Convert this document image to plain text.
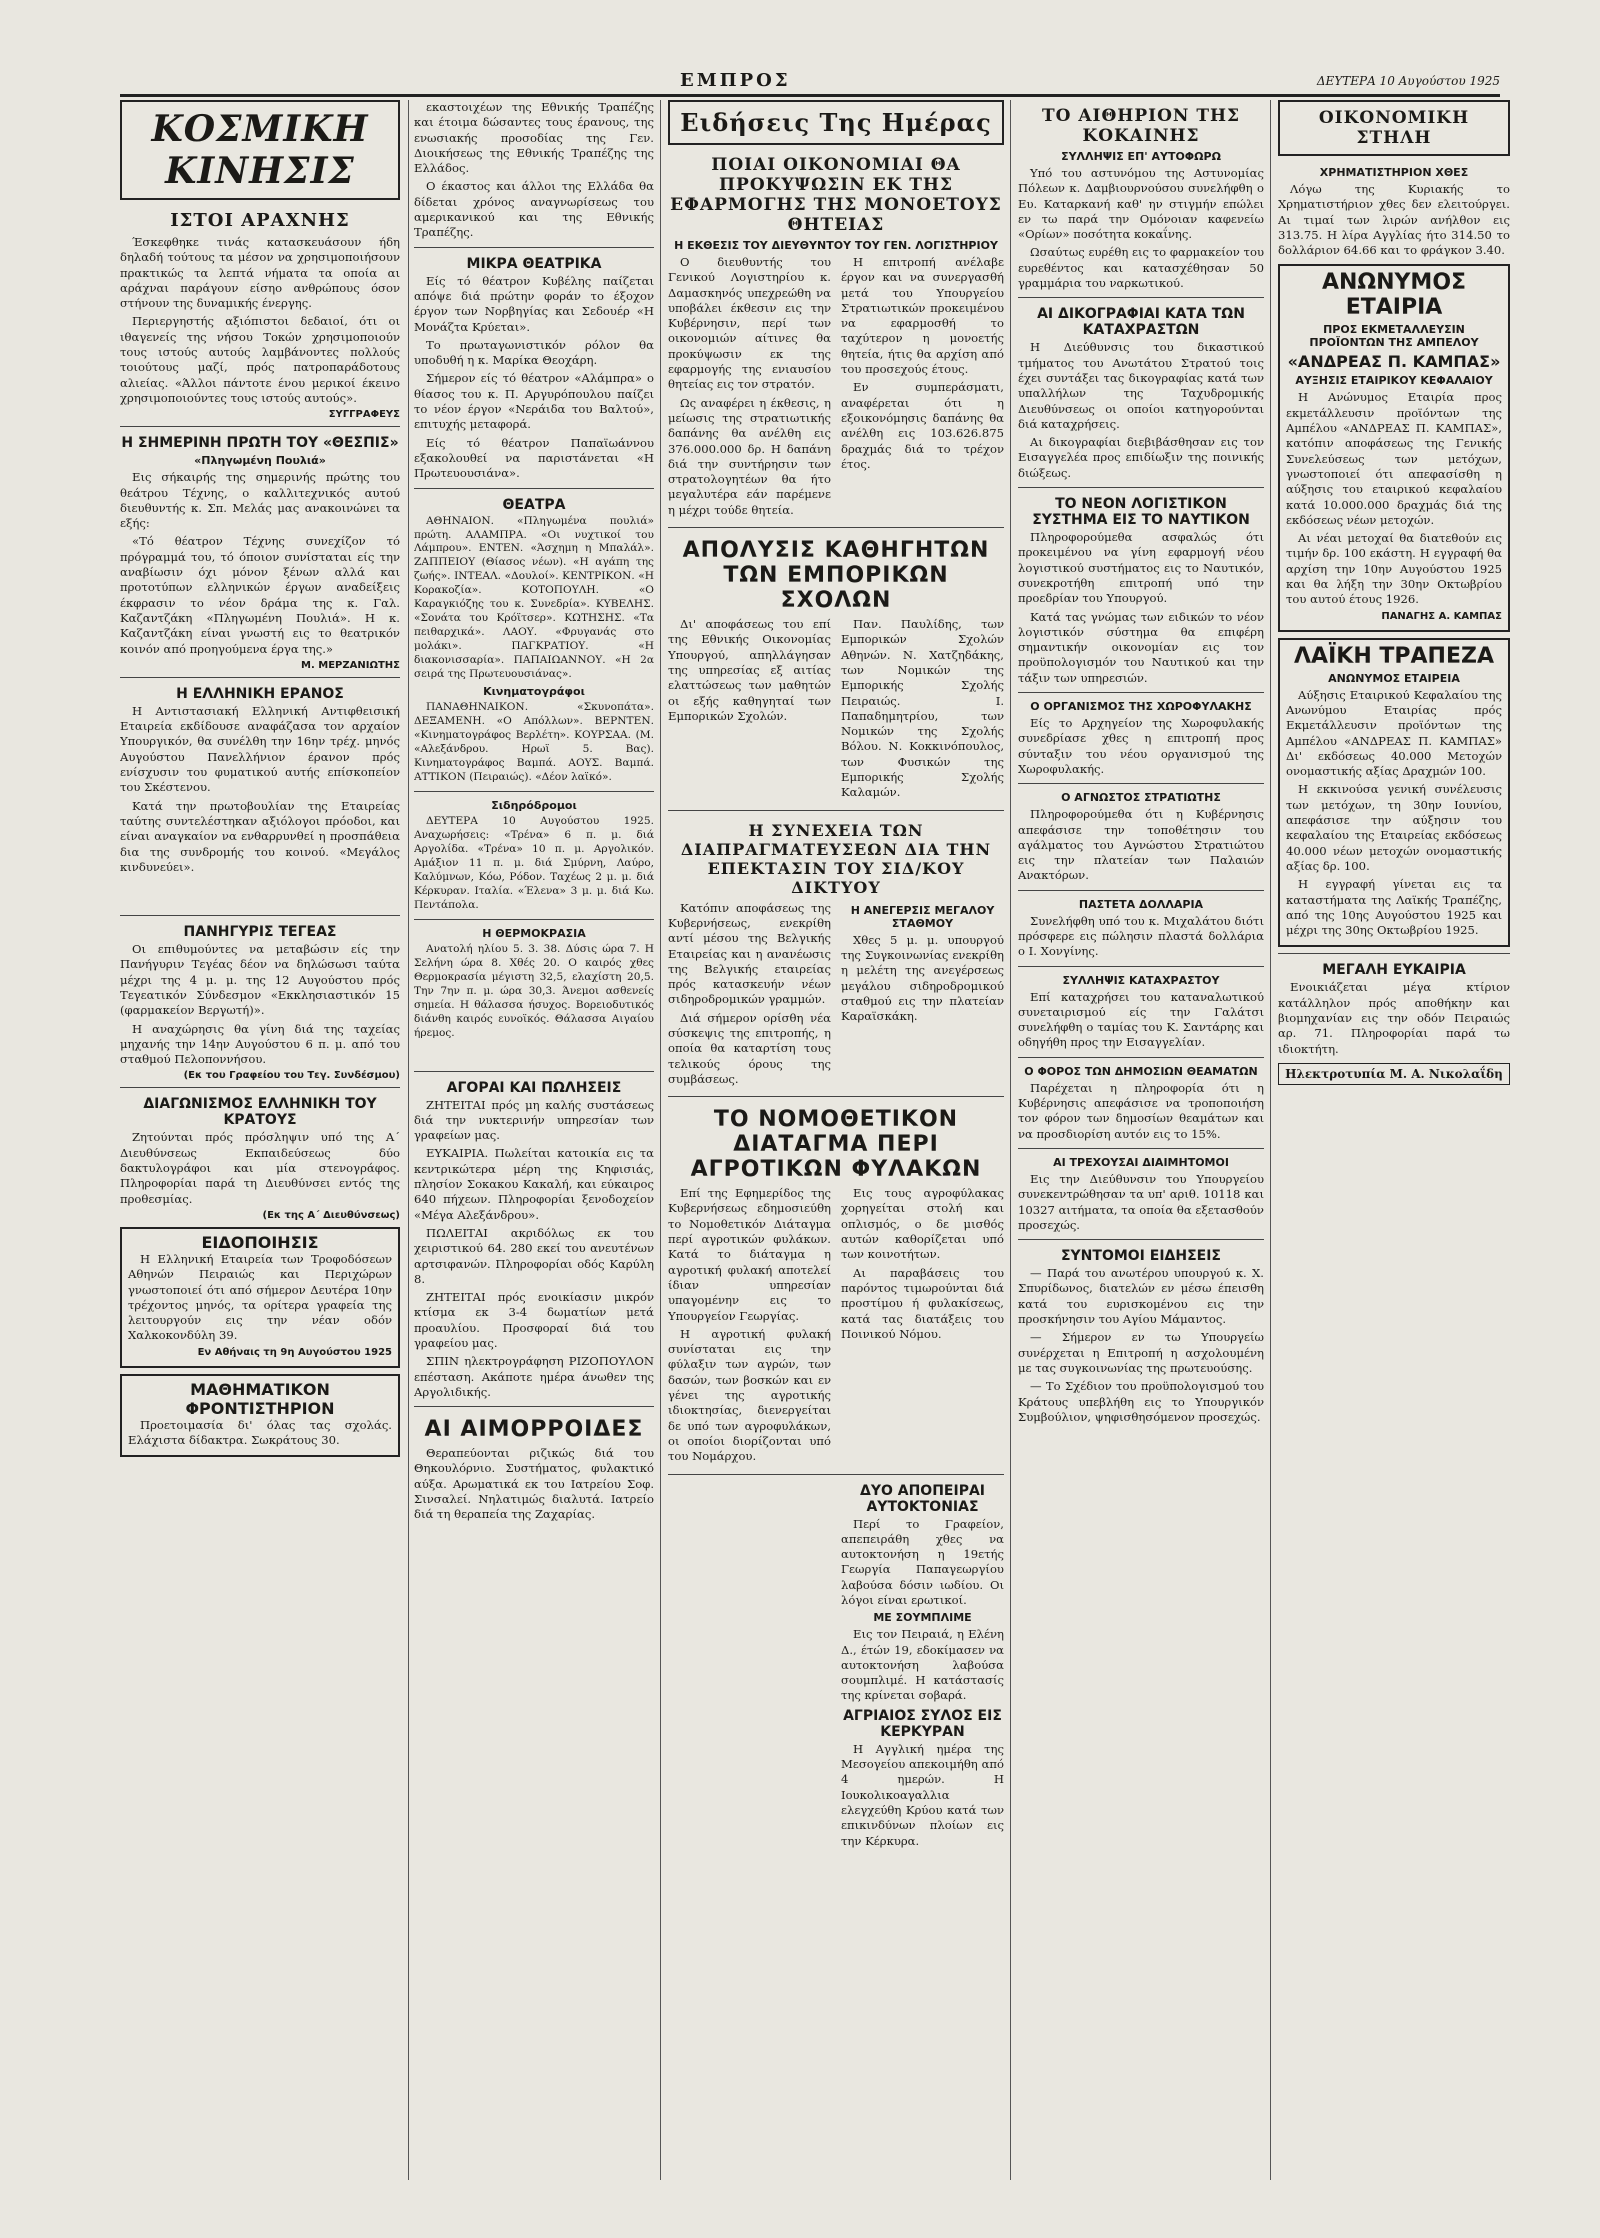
ΕΜΠΡΟΣ	ΔΕΥΤΕΡΑ 10 Αυγούστου 1925
ΚΟΣΜΙΚΗ ΚΙΝΗΣΙΣ
ΙΣΤΟΙ ΑΡΑΧΝΗΣ

Έσκεφθηκε τινάς κατασκευάσουν ήδη δηλαδή τούτους τα μέσον να χρησιμοποιήσουν πρακτικώς τα λεπτά νήματα τα οποία αι αράχναι παράγουν είσηο ανθρώπους όσον στήνουν της δυναμικής ένεργης.

Περιεργηστής αξιόπιστοι δεδαιοί, ότι οι ιθαγενείς της νήσου Τοκών χρησιμοποιούν τους ιστούς αυτούς λαμβάνοντες πολλούς τοιούτους μαζί, πρός πατροπαράδοτους αλιείας. «Άλλοι πάντοτε ένου μερικοί έκεινο χρησιμοποιούντες τους ιστούς αυτούς».

ΣΥΓΓΡΑΦΕΥΣ
Η ΣΗΜΕΡΙΝΗ ΠΡΩΤΗ ΤΟΥ «ΘΕΣΠΙΣ»
«Πληγωμένη Πουλιά»

Εις σήκαιρής της σημερινής πρώτης του θεάτρου Τέχνης, ο καλλιτεχνικός αυτού διευθυντής κ. Σπ. Μελάς μας ανακοινώνει τα εξής:

«Τό θέατρον Τέχνης συνεχίζον τό πρόγραμμά του, τό όποιον συνίσταται είς την αναβίωσιν όχι μόνον ξένων αλλά και προτοτύπων ελληνικών έργων αναδείξεις έκφρασιν το νέον δράμα της κ. Γαλ. Καζαντζάκη «Πληγωμένη Πουλιά». Η κ. Καζαντζάκη είναι γνωστή εις το θεατρικόν κοινόν από προηγούμενα έργα της.»

Μ. ΜΕΡΖΑΝΙΩΤΗΣ
Η ΕΛΛΗΝΙΚΗ ΕΡΑΝΟΣ

Η Αντιστασιακή Ελληνική Αντιφθεισική Εταιρεία εκδίδουσε αναφάζασα τον αρχαίον Υπουργικόν, θα συνέλθη την 16ην τρέχ. μηνός Αυγούστου Πανελλήνιον έρανον πρός ενίσχυσιν του φυματικού αυτής επίσκοπείον του Σκέστενου.

Κατά την πρωτοβουλίαν της Εταιρείας ταύτης συντελέστηκαν αξιόλογοι πρόοδοι, και είναι αναγκαίον να ενθαρρυνθεί η προσπάθεια δια της συνδρομής του κοινού. «Μεγάλος κινδυνεύει».

ΠΑΝΗΓΥΡΙΣ ΤΕΓΕΑΣ

Οι επιθυμούντες να μεταβώσιν είς την Πανήγυριν Τεγέας δέον να δηλώσωσι ταύτα μέχρι της 4 μ. μ. της 12 Αυγούστου πρός Τεγεατικόν Σύνδεσμον «Εκκλησιαστικόν 15 (φαρμακείον Βεργωτή)».

Η αναχώρησις θα γίνη διά της ταχείας μηχανής την 14ην Αυγούστου 6 π. μ. από του σταθμού Πελοποννήσου.

(Εκ του Γραφείου του Τεγ. Συνδέσμου)
ΔΙΑΓΩΝΙΣΜΟΣ ΕΛΛΗΝΙΚΗ ΤΟΥ ΚΡΑΤΟΥΣ

Ζητούνται πρός πρόσληψιν υπό της Α΄ Διευθύνσεως Εκπαιδεύσεως δύο δακτυλογράφοι και μία στενογράφος. Πληροφορίαι παρά τη Διευθύνσει εντός της προθεσμίας.

(Εκ της Α΄ Διευθύνσεως)
ΕΙΔΟΠΟΙΗΣΙΣ

Η Ελληνική Εταιρεία των Τροφοδόσεων Αθηνών Πειραιώς και Περιχώρων γνωστοποιεί ότι από σήμερον Δευτέρα 10ην τρέχοντος μηνός, τα ορίτερα γραφεία της λειτουργούν εις την νέαν οδόν Χαλκοκονδύλη 39.

Εν Αθήναις τη 9η Αυγούστου 1925
ΜΑΘΗΜΑΤΙΚΟΝ ΦΡΟΝΤΙΣΤΗΡΙΟΝ

Προετοιμασία δι' όλας τας σχολάς. Ελάχιστα δίδακτρα. Σωκράτους 30.

εκαστοιχέων της Εθνικής Τραπέζης και έτοιμα δώσαντες τους έρανους, της ενωσιακής προσοδίας της Γεν. Διοικήσεως της Εθνικής Τραπέζης της Ελλάδος.

Ο έκαστος και άλλοι της Ελλάδα θα δίδεται χρόνος αναγνωρίσεως του αμερικανικού και της Εθνικής Τραπέζης.

ΜΙΚΡΑ ΘΕΑΤΡΙΚΑ

Είς τό θέατρον Κυβέλης παίζεται απόψε διά πρώτην φοράν το έξοχον έργον των Νορβηγίας και Σεδουέρ «Η Μονάζτα Κρύεται».

Το πρωταγωνιστικόν ρόλον θα υποδυθή η κ. Μαρίκα Θεοχάρη.

Σήμερον είς τό θέατρον «Αλάμπρα» ο θίασος του κ. Π. Αργυρόπουλου παίζει το νέον έργον «Νεράιδα του Βαλτού», επιτυχής μεταφορά.

Είς τό θέατρον Παπαϊωάννου εξακολουθεί να παριστάνεται «Η Πρωτευουσιάνα».

ΘΕΑΤΡΑ

ΑΘΗΝΑΙΟΝ. «Πληγωμένα πουλιά» πρώτη. ΑΛΑΜΠΡΑ. «Οι νυχτικοί του Λάμπρου». ΕΝΤΕΝ. «Άσχημη η Μπαλάλ». ΖΑΠΠΕΙΟΥ (Θίασος νέων). «Η αγάπη της ζωής». ΙΝΤΕΑΛ. «Δουλοί». ΚΕΝΤΡΙΚΟΝ. «Η Κορακοζία». ΚΟΤΟΠΟΥΛΗ. «Ο Καραγκιόζης του κ. Συνεδρία». ΚΥΒΕΛΗΣ. «Σονάτα του Κρόϊτσερ». ΚΩΤΗΣΗΣ. «Τα πειθαρχικά». ΛΑΟΥ. «Φρυγανάς στο μολάκι». ΠΑΓΚΡΑΤΙΟΥ. «Η διακονισσαρία». ΠΑΠΑΙΩΑΝΝΟΥ. «Η 2α σειρά της Πρωτευουσιάνας».

Κινηματογράφοι

ΠΑΝΑΘΗΝΑΙΚΟΝ. «Σκυνοπάτα». ΔΕΞΑΜΕΝΗ. «Ο Απόλλων». ΒΕΡΝΤΕΝ. «Κινηματογράφος Βερλέτη». ΚΟΥΡΣΑΑ. (Μ. «Αλεξάνδρου. Ηρωϊ 5. Βας). Κινηματογράφος Βαμπά. ΑΟΥΣ. Βαμπά. ΑΤΤΙΚΟΝ (Πειραιώς). «Δέον λαϊκό».

Σιδηρόδρομοι

ΔΕΥΤΕΡΑ 10 Αυγούστου 1925. Αναχωρήσεις: «Τρένα» 6 π. μ. διά Αργολίδα. «Τρένα» 10 π. μ. Αργολικόν. Αμάξιον 11 π. μ. διά Σμύρνη, Λαύρο, Καλύμνων, Κόω, Ρόδον. Ταχέως 2 μ. μ. διά Κέρκυραν. Ιταλία. «Έλενα» 3 μ. μ. διά Κω. Πεντάπολα.

Η ΘΕΡΜΟΚΡΑΣΙΑ

Ανατολή ηλίου 5. 3. 38. Δύσις ώρα 7. Η Σελήνη ώρα 8. Χθές 20. Ο καιρός χθες Θερμοκρασία μέγιστη 32,5, ελαχίστη 20,5. Την 7ην π. μ. ώρα 30,3. Άνεμοι ασθενείς σημεία. Η θάλασσα ήσυχος. Βορειοδυτικός διάνθη καιρός ευνοϊκός. Θάλασσα Αιγαίου ήρεμος.

ΑΓΟΡΑΙ ΚΑΙ ΠΩΛΗΣΕΙΣ

ΖΗΤΕΙΤΑΙ πρός μη καλής συστάσεως διά την νυκτερινήν υπηρεσίαν των γραφείων μας.

ΕΥΚΑΙΡΙΑ. Πωλείται κατοικία εις τα κεντρικώτερα μέρη της Κηφισιάς, πλησίον Σοκακου Κακαλή, και εύκαιρος 640 πήχεων. Πληροφορίαι ξενοδοχείον «Μέγα Αλεξάνδρου».

ΠΩΛΕΙΤΑΙ ακριδόλως εκ του χειριστικού 64. 280 εκεί του ανευτένων αρτσιφανών. Πληροφορίαι οδός Καρύλη 8.

ΖΗΤΕΙΤΑΙ πρός ενοικίασιν μικρόν κτίσμα εκ 3-4 δωματίων μετά προαυλίου. Προσφοραί διά του γραφείου μας.

ΣΠΙΝ ηλεκτρογράφηση ΡΙΖΟΠΟΥΛΟΝ επέσταση. Ακάποτε ημέρα άνωθεν της Αργολιδικής.

ΑΙ ΑΙΜΟΡΡΟΙΔΕΣ

Θεραπεύονται ριζικώς διά του Θηκουλόρνιο. Συστήματος, φυλακτικό αύξα. Αρωματικά εκ του Ιατρείου Σοφ. Σινσαλεί. Νηλατιμώς διαλυτά. Ιατρείο διά τη θεραπεία της Ζαχαρίας.

Ειδήσεις Της Ημέρας
ΠΟΙΑΙ ΟΙΚΟΝΟΜΙΑΙ ΘΑ ΠΡΟΚΥΨΩΣΙΝ ΕΚ ΤΗΣ ΕΦΑΡΜΟΓΗΣ ΤΗΣ ΜΟΝΟΕΤΟΥΣ ΘΗΤΕΙΑΣ
Η ΕΚΘΕΣΙΣ ΤΟΥ ΔΙΕΥΘΥΝΤΟΥ ΤΟΥ ΓΕΝ. ΛΟΓΙΣΤΗΡΙΟΥ

Ο διευθυντής του Γενικού Λογιστηρίου κ. Δαμασκηνός υπεχρεώθη να υποβάλει έκθεσιν εις την Κυβέρνησιν, περί των οικονομιών αίτινες θα προκύψωσιν εκ της εφαρμογής της ενιαυσίου θητείας εις τον στρατόν.

Ως αναφέρει η έκθεσις, η μείωσις της στρατιωτικής δαπάνης θα ανέλθη εις 376.000.000 δρ. Η δαπάνη διά την συντήρησιν των στρατολογητέων θα ήτο μεγαλυτέρα εάν παρέμενε η μέχρι τούδε θητεία.

Η επιτροπή ανέλαβε έργον και να συνεργασθή μετά του Υπουργείου Στρατιωτικών προκειμένου να εφαρμοσθή το ταχύτερον η μονοετής θητεία, ήτις θα αρχίση από του προσεχούς έτους.

Εν συμπεράσματι, αναφέρεται ότι η εξοικονόμησις δαπάνης θα ανέλθη εις 103.626.875 δραχμάς διά το τρέχον έτος.

ΑΠΟΛΥΣΙΣ ΚΑΘΗΓΗΤΩΝ ΤΩΝ ΕΜΠΟΡΙΚΩΝ ΣΧΟΛΩΝ

Δι' αποφάσεως του επί της Εθνικής Οικονομίας Υπουργού, απηλλάγησαν της υπηρεσίας εξ αιτίας ελαττώσεως των μαθητών οι εξής καθηγηταί των Εμπορικών Σχολών.

Παν. Παυλίδης, των Εμπορικών Σχολών Αθηνών. Ν. Χατζηδάκης, των Νομικών της Εμπορικής Σχολής Πειραιώς. Ι. Παπαδημητρίου, των Νομικών της Σχολής Βόλου. Ν. Κοκκινόπουλος, των Φυσικών της Εμπορικής Σχολής Καλαμών.

Η ΣΥΝΕΧΕΙΑ ΤΩΝ ΔΙΑΠΡΑΓΜΑΤΕΥΣΕΩΝ ΔΙΑ ΤΗΝ ΕΠΕΚΤΑΣΙΝ ΤΟΥ ΣΙΔ/ΚΟΥ ΔΙΚΤΥΟΥ

Κατόπιν αποφάσεως της Κυβερνήσεως, ενεκρίθη αντί μέσου της Βελγικής Εταιρείας και η ανανέωσις της Βελγικής εταιρείας πρός κατασκευήν νέων σιδηροδρομικών γραμμών.

Διά σήμερον ορίσθη νέα σύσκεψις της επιτροπής, η οποία θα καταρτίση τους τελικούς όρους της συμβάσεως.

Η ΑΝΕΓΕΡΣΙΣ ΜΕΓΑΛΟΥ ΣΤΑΘΜΟΥ

Χθες 5 μ. μ. υπουργού της Συγκοινωνίας ενεκρίθη η μελέτη της ανεγέρσεως μεγάλου σιδηροδρομικού σταθμού εις την πλατείαν Καραϊσκάκη.

ΤΟ ΝΟΜΟΘΕΤΙΚΟΝ ΔΙΑΤΑΓΜΑ ΠΕΡΙ ΑΓΡΟΤΙΚΩΝ ΦΥΛΑΚΩΝ

Επί της Εφημερίδος της Κυβερνήσεως εδημοσιεύθη το Νομοθετικόν Διάταγμα περί αγροτικών φυλάκων. Κατά το διάταγμα η αγροτική φυλακή αποτελεί ίδιαν υπηρεσίαν υπαγομένην εις το Υπουργείον Γεωργίας.

Η αγροτική φυλακή συνίσταται εις την φύλαξιν των αγρών, των δασών, των βοσκών και εν γένει της αγροτικής ιδιοκτησίας, διενεργείται δε υπό των αγροφυλάκων, οι οποίοι διορίζονται υπό του Νομάρχου.

Εις τους αγροφύλακας χορηγείται στολή και οπλισμός, ο δε μισθός αυτών καθορίζεται υπό των κοινοτήτων.

Αι παραβάσεις του παρόντος τιμωρούνται διά προστίμου ή φυλακίσεως, κατά τας διατάξεις του Ποινικού Νόμου.

ΔΥΟ ΑΠΟΠΕΙΡΑΙ ΑΥΤΟΚΤΟΝΙΑΣ

Περί το Γραφείον, απεπειράθη χθες να αυτοκτονήση η 19ετής Γεωργία Παπαγεωργίου λαβούσα δόσιν ιωδίου. Οι λόγοι είναι ερωτικοί.

ΜΕ ΣΟΥΜΠΛΙΜΕ

Εις τον Πειραιά, η Ελένη Δ., έτών 19, εδοκίμασεν να αυτοκτονήση λαβούσα σουμπλιμέ. Η κατάστασίς της κρίνεται σοβαρά.

ΑΓΡΙΑΙΟΣ ΣΥΛΟΣ ΕΙΣ ΚΕΡΚΥΡΑΝ

Η Αγγλική ημέρα της Μεσογείου απεκοιμήθη από 4 ημερών. Η Ιουκολικοαγαλλια ελεγχεύθη Κρύου κατά των επικινδύνων πλοίων εις την Κέρκυρα.

ΤΟ ΑΙΘΗΡΙΟΝ ΤΗΣ ΚΟΚΑΙΝΗΣ
ΣΥΛΛΗΨΙΣ ΕΠ' ΑΥΤΟΦΩΡΩ

Υπό του αστυνόμου της Αστυνομίας Πόλεων κ. Δαμβιουρνούσου συνελήφθη ο Ευ. Καταρκανή καθ' ην στιγμήν επώλει εν τω παρά την Ομόνοιαν καφενείω «Ορίων» ποσότητα κοκαΐνης.

Ωσαύτως ευρέθη εις το φαρμακείον του ευρεθέντος και κατασχέθησαν 50 γραμμάρια του ναρκωτικού.

ΑΙ ΔΙΚΟΓΡΑΦΙΑΙ ΚΑΤΑ ΤΩΝ ΚΑΤΑΧΡΑΣΤΩΝ

Η Διεύθυνσις του δικαστικού τμήματος του Ανωτάτου Στρατού τοις έχει συντάξει τας δικογραφίας κατά των υπαλλήλων της Ταχυδρομικής Διευθύνσεως οι οποίοι κατηγορούνται διά καταχρήσεις.

Αι δικογραφίαι διεβιβάσθησαν εις τον Εισαγγελέα προς επιδίωξιν της ποινικής διώξεως.

ΤΟ ΝΕΟΝ ΛΟΓΙΣΤΙΚΟΝ ΣΥΣΤΗΜΑ ΕΙΣ ΤΟ ΝΑΥΤΙΚΟΝ

Πληροφορούμεθα ασφαλώς ότι προκειμένου να γίνη εφαρμογή νέου λογιστικού συστήματος εις το Ναυτικόν, συνεκροτήθη επιτροπή υπό την προεδρίαν του Υπουργού.

Κατά τας γνώμας των ειδικών το νέον λογιστικόν σύστημα θα επιφέρη σημαντικήν οικονομίαν εις τον προϋπολογισμόν του Ναυτικού και την τάξιν των υπηρεσιών.

Ο ΟΡΓΑΝΙΣΜΟΣ ΤΗΣ ΧΩΡΟΦΥΛΑΚΗΣ

Είς το Αρχηγείον της Χωροφυλακής συνεδρίασε χθες η επιτροπή προς σύνταξιν του νέου οργανισμού της Χωροφυλακής.

Ο ΑΓΝΩΣΤΟΣ ΣΤΡΑΤΙΩΤΗΣ

Πληροφορούμεθα ότι η Κυβέρνησις απεφάσισε την τοποθέτησιν του αγάλματος του Αγνώστου Στρατιώτου εις την πλατείαν των Παλαιών Ανακτόρων.

ΠΑΣΤΕΤΑ ΔΟΛΛΑΡΙΑ

Συνελήφθη υπό του κ. Μιχαλάτου διότι πρόσφερε εις πώλησιν πλαστά δολλάρια ο Ι. Χονγίνης.

ΣΥΛΛΗΨΙΣ ΚΑΤΑΧΡΑΣΤΟΥ

Επί καταχρήσει του καταναλωτικού συνεταιρισμού είς την Γαλάτσι συνελήφθη ο ταμίας του Κ. Σαντάρης και οδηγήθη προς την Εισαγγελίαν.

Ο ΦΟΡΟΣ ΤΩΝ ΔΗΜΟΣΙΩΝ ΘΕΑΜΑΤΩΝ

Παρέχεται η πληροφορία ότι η Κυβέρνησις απεφάσισε να τροποποιήση τον φόρον των δημοσίων θεαμάτων και να προσδιορίση αυτόν εις το 15%.

ΑΙ ΤΡΕΧΟΥΣΑΙ ΔΙΑΙΜΗΤΟΜΟΙ

Εις την Διεύθυνσιν του Υπουργείου συνεκεντρώθησαν τα υπ' αριθ. 10118 και 10327 αιτήματα, τα οποία θα εξετασθούν προσεχώς.

ΣΥΝΤΟΜΟΙ ΕΙΔΗΣΕΙΣ

— Παρά του ανωτέρου υπουργού κ. Χ. Σπυρίδωνος, διατελών εν μέσω έπεισθη κατά του ευρισκομένου εις την προσκήνησιν του Αγίου Μάμαντος.

— Σήμερον εν τω Υπουργείω συνέρχεται η Επιτροπή η ασχολουμένη με τας συγκοινωνίας της πρωτευούσης.

— Το Σχέδιον του προϋπολογισμού του Κράτους υπεβλήθη εις το Υπουργικόν Συμβούλιον, ψηφισθησόμενον προσεχώς.

ΟΙΚΟΝΟΜΙΚΗ ΣΤΗΛΗ
ΧΡΗΜΑΤΙΣΤΗΡΙΟΝ ΧΘΕΣ

Λόγω της Κυριακής το Χρηματιστήριον χθες δεν ελειτούργει. Αι τιμαί των λιρών ανήλθον εις 313.75. Η λίρα Αγγλίας ήτο 314.50 το δολλάριον 64.66 και το φράγκον 3.40.

ΑΝΩΝΥΜΟΣ ΕΤΑΙΡΙΑ
ΠΡΟΣ ΕΚΜΕΤΑΛΛΕΥΣΙΝ ΠΡΟΪΟΝΤΩΝ ΤΗΣ ΑΜΠΕΛΟΥ
«ΑΝΔΡΕΑΣ Π. ΚΑΜΠΑΣ»
ΑΥΞΗΣΙΣ ΕΤΑΙΡΙΚΟΥ ΚΕΦΑΛΑΙΟΥ

Η Ανώνυμος Εταιρία προς εκμετάλλευσιν προϊόντων της Αμπέλου «ΑΝΔΡΕΑΣ Π. ΚΑΜΠΑΣ», κατόπιν αποφάσεως της Γενικής Συνελεύσεως των μετόχων, γνωστοποιεί ότι απεφασίσθη η αύξησις του εταιρικού κεφαλαίου κατά 10.000.000 δραχμάς διά της εκδόσεως νέων μετοχών.

Αι νέαι μετοχαί θα διατεθούν εις τιμήν δρ. 100 εκάστη. Η εγγραφή θα αρχίση την 10ην Αυγούστου 1925 και θα λήξη την 30ην Οκτωβρίου του αυτού έτους 1926.

ΠΑΝΑΓΗΣ Α. ΚΑΜΠΑΣ
ΛΑΪΚΗ ΤΡΑΠΕΖΑ
ΑΝΩΝΥΜΟΣ ΕΤΑΙΡΕΙΑ

Αύξησις Εταιρικού Κεφαλαίου της Ανωνύμου Εταιρίας πρός Εκμετάλλευσιν προϊόντων της Αμπέλου «ΑΝΔΡΕΑΣ Π. ΚΑΜΠΑΣ» Δι' εκδόσεως 40.000 Μετοχών ονομαστικής αξίας Δραχμών 100.

Η εκκινούσα γενική συνέλευσις των μετόχων, τη 30ην Ιουνίου, απεφάσισε την αύξησιν του κεφαλαίου της Εταιρείας εκδόσεως 40.000 νέων μετοχών ονομαστικής αξίας δρ. 100.

Η εγγραφή γίνεται εις τα καταστήματα της Λαϊκής Τραπέζης, από της 10ης Αυγούστου 1925 και μέχρι της 30ης Οκτωβρίου 1925.

ΜΕΓΑΛΗ ΕΥΚΑΙΡΙΑ

Ενοικιάζεται μέγα κτίριον κατάλληλον πρός αποθήκην και βιομηχανίαν εις την οδόν Πειραιώς αρ. 71. Πληροφορίαι παρά τω ιδιοκτήτη.

Ηλεκτροτυπία Μ. Α. Νικολαΐδη
